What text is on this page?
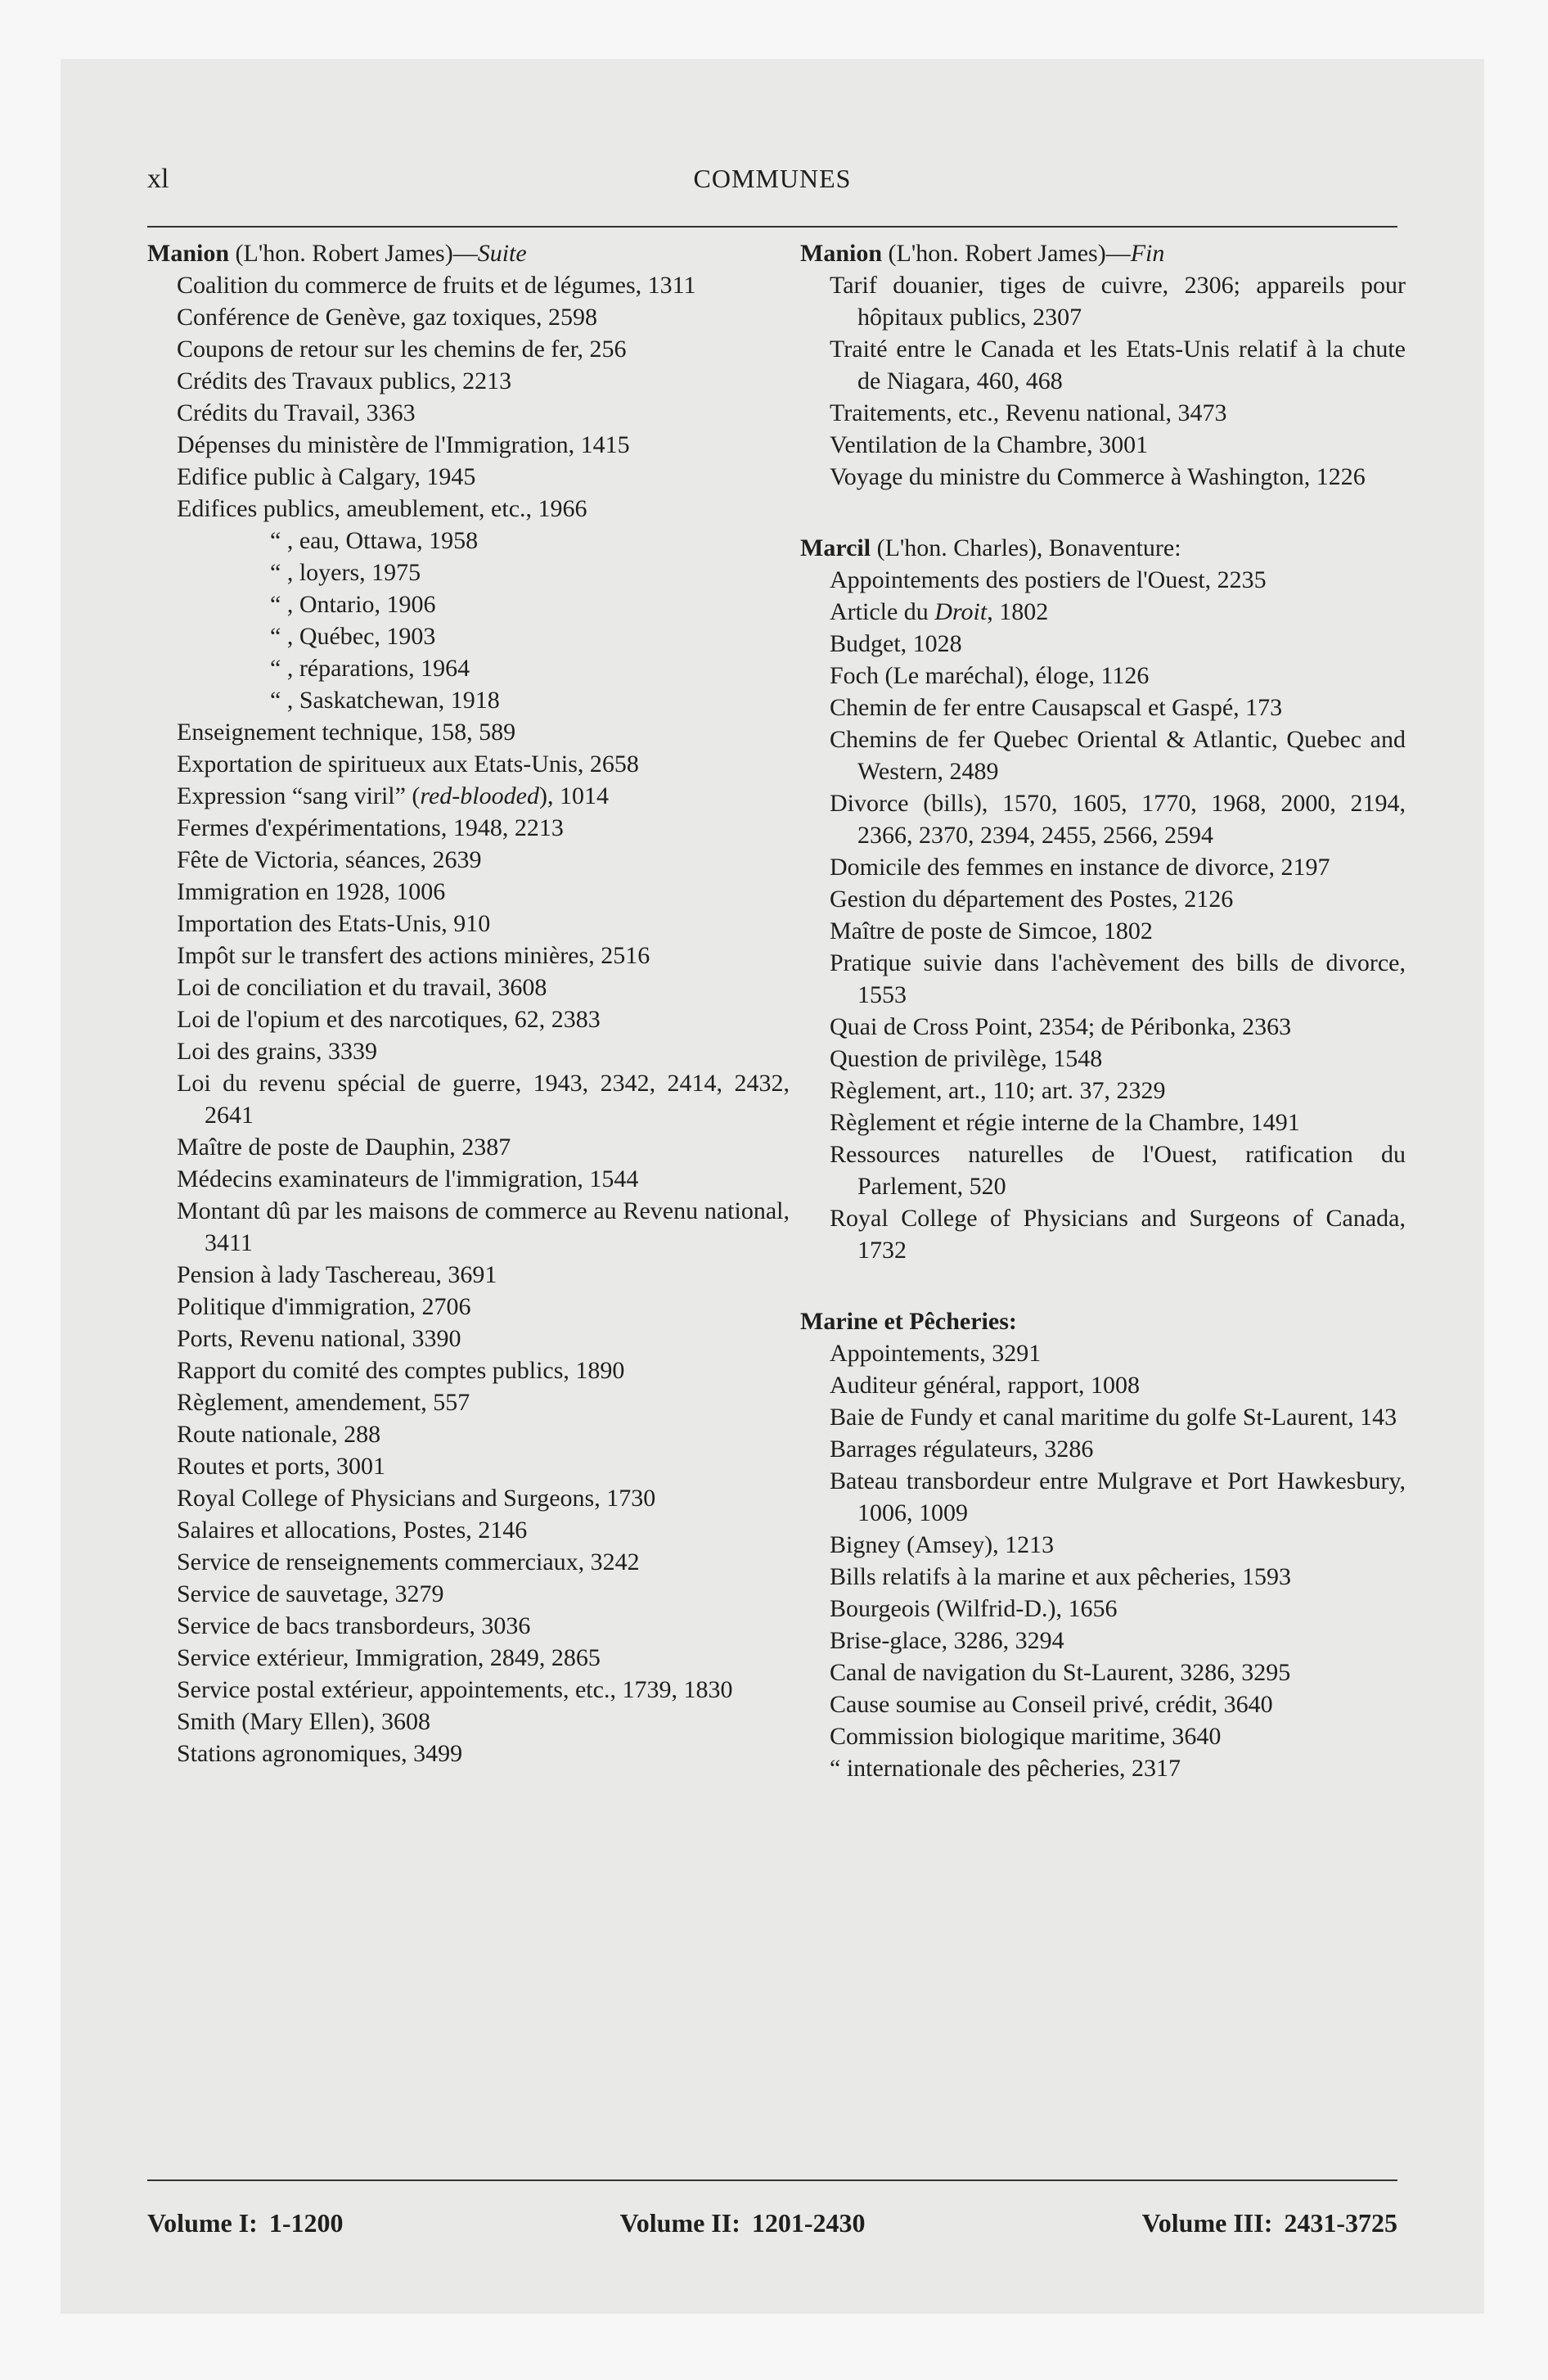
xl	COMMUNES

Manion (L'hon. Robert James)—Suite

Coalition du commerce de fruits et de légumes, 1311

Conférence de Genève, gaz toxiques, 2598

Coupons de retour sur les chemins de fer, 256

Crédits des Travaux publics, 2213

Crédits du Travail, 3363

Dépenses du ministère de l'Immigration, 1415

Edifice public à Calgary, 1945

Edifices publics, ameublement, etc., 1966

“ , eau, Ottawa, 1958

“ , loyers, 1975

“ , Ontario, 1906

“ , Québec, 1903

“ , réparations, 1964

“ , Saskatchewan, 1918

Enseignement technique, 158, 589

Exportation de spiritueux aux Etats-Unis, 2658

Expression “sang viril” (red-blooded), 1014

Fermes d'expérimentations, 1948, 2213

Fête de Victoria, séances, 2639

Immigration en 1928, 1006

Importation des Etats-Unis, 910

Impôt sur le transfert des actions minières, 2516

Loi de conciliation et du travail, 3608

Loi de l'opium et des narcotiques, 62, 2383

Loi des grains, 3339

Loi du revenu spécial de guerre, 1943, 2342, 2414, 2432, 2641

Maître de poste de Dauphin, 2387

Médecins examinateurs de l'immigration, 1544

Montant dû par les maisons de commerce au Revenu national, 3411

Pension à lady Taschereau, 3691

Politique d'immigration, 2706

Ports, Revenu national, 3390

Rapport du comité des comptes publics, 1890

Règlement, amendement, 557

Route nationale, 288

Routes et ports, 3001

Royal College of Physicians and Surgeons, 1730

Salaires et allocations, Postes, 2146

Service de renseignements commerciaux, 3242

Service de sauvetage, 3279

Service de bacs transbordeurs, 3036

Service extérieur, Immigration, 2849, 2865

Service postal extérieur, appointements, etc., 1739, 1830

Smith (Mary Ellen), 3608

Stations agronomiques, 3499

Manion (L'hon. Robert James)—Fin

Tarif douanier, tiges de cuivre, 2306; appareils pour hôpitaux publics, 2307

Traité entre le Canada et les Etats-Unis relatif à la chute de Niagara, 460, 468

Traitements, etc., Revenu national, 3473

Ventilation de la Chambre, 3001

Voyage du ministre du Commerce à Washington, 1226

Marcil (L'hon. Charles), Bonaventure:

Appointements des postiers de l'Ouest, 2235

Article du Droit, 1802

Budget, 1028

Foch (Le maréchal), éloge, 1126

Chemin de fer entre Causapscal et Gaspé, 173

Chemins de fer Quebec Oriental & Atlantic, Quebec and Western, 2489

Divorce (bills), 1570, 1605, 1770, 1968, 2000, 2194, 2366, 2370, 2394, 2455, 2566, 2594

Domicile des femmes en instance de divorce, 2197

Gestion du département des Postes, 2126

Maître de poste de Simcoe, 1802

Pratique suivie dans l'achèvement des bills de divorce, 1553

Quai de Cross Point, 2354; de Péribonka, 2363

Question de privilège, 1548

Règlement, art., 110; art. 37, 2329

Règlement et régie interne de la Chambre, 1491

Ressources naturelles de l'Ouest, ratification du Parlement, 520

Royal College of Physicians and Surgeons of Canada, 1732

Marine et Pêcheries:

Appointements, 3291

Auditeur général, rapport, 1008

Baie de Fundy et canal maritime du golfe St-Laurent, 143

Barrages régulateurs, 3286

Bateau transbordeur entre Mulgrave et Port Hawkesbury, 1006, 1009

Bigney (Amsey), 1213

Bills relatifs à la marine et aux pêcheries, 1593

Bourgeois (Wilfrid-D.), 1656

Brise-glace, 3286, 3294

Canal de navigation du St-Laurent, 3286, 3295

Cause soumise au Conseil privé, crédit, 3640

Commission biologique maritime, 3640

“ internationale des pêcheries, 2317

Volume I: 1-1200	Volume II: 1201-2430	Volume III: 2431-3725
